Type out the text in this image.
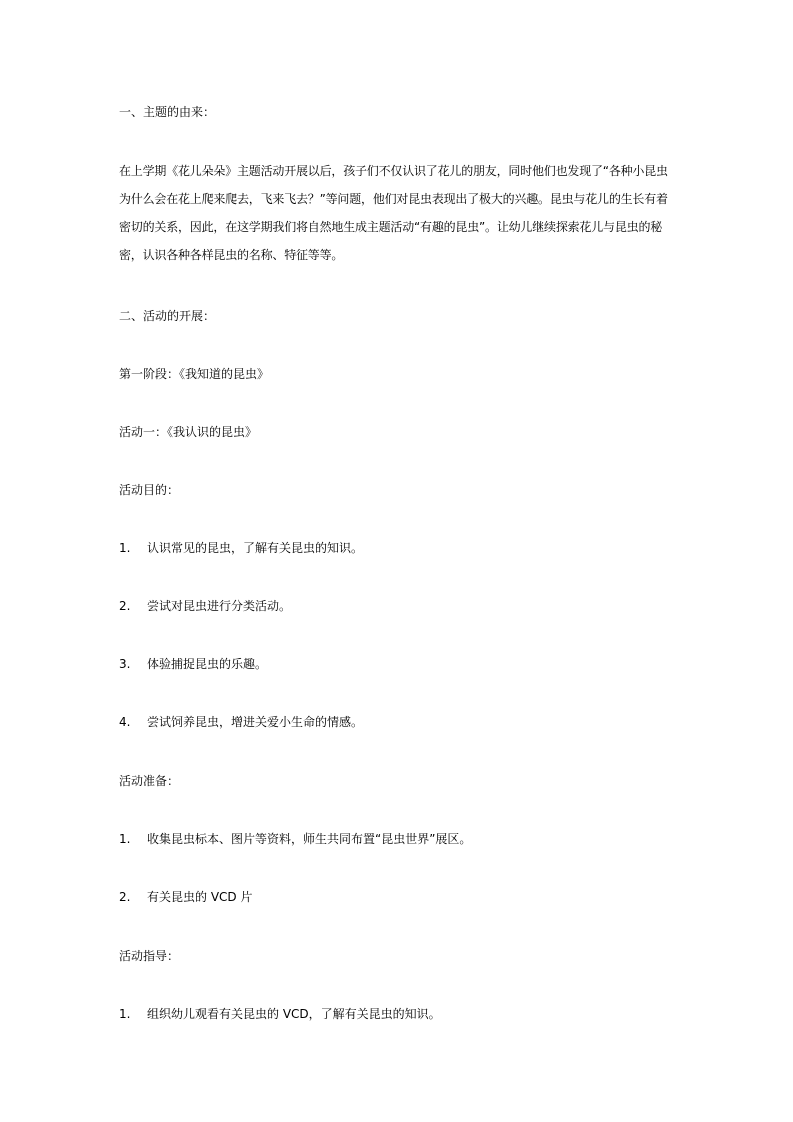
一、主题的由来：
在上学期《花儿朵朵》主题活动开展以后，孩子们不仅认识了花儿的朋友，同时他们也发现了“各种小昆虫为什么会在花上爬来爬去，飞来飞去？”等问题，他们对昆虫表现出了极大的兴趣。昆虫与花儿的生长有着密切的关系，因此，在这学期我们将自然地生成主题活动“有趣的昆虫”。让幼儿继续探索花儿与昆虫的秘密，认识各种各样昆虫的名称、特征等等。
二、活动的开展：
第一阶段：《我知道的昆虫》
活动一：《我认识的昆虫》
活动目的：
1. 认识常见的昆虫，了解有关昆虫的知识。
2. 尝试对昆虫进行分类活动。
3. 体验捕捉昆虫的乐趣。
4. 尝试饲养昆虫，增进关爱小生命的情感。
活动准备：
1. 收集昆虫标本、图片等资料，师生共同布置“昆虫世界”展区。
2. 有关昆虫的 VCD 片
活动指导：
1. 组织幼儿观看有关昆虫的 VCD，了解有关昆虫的知识。
